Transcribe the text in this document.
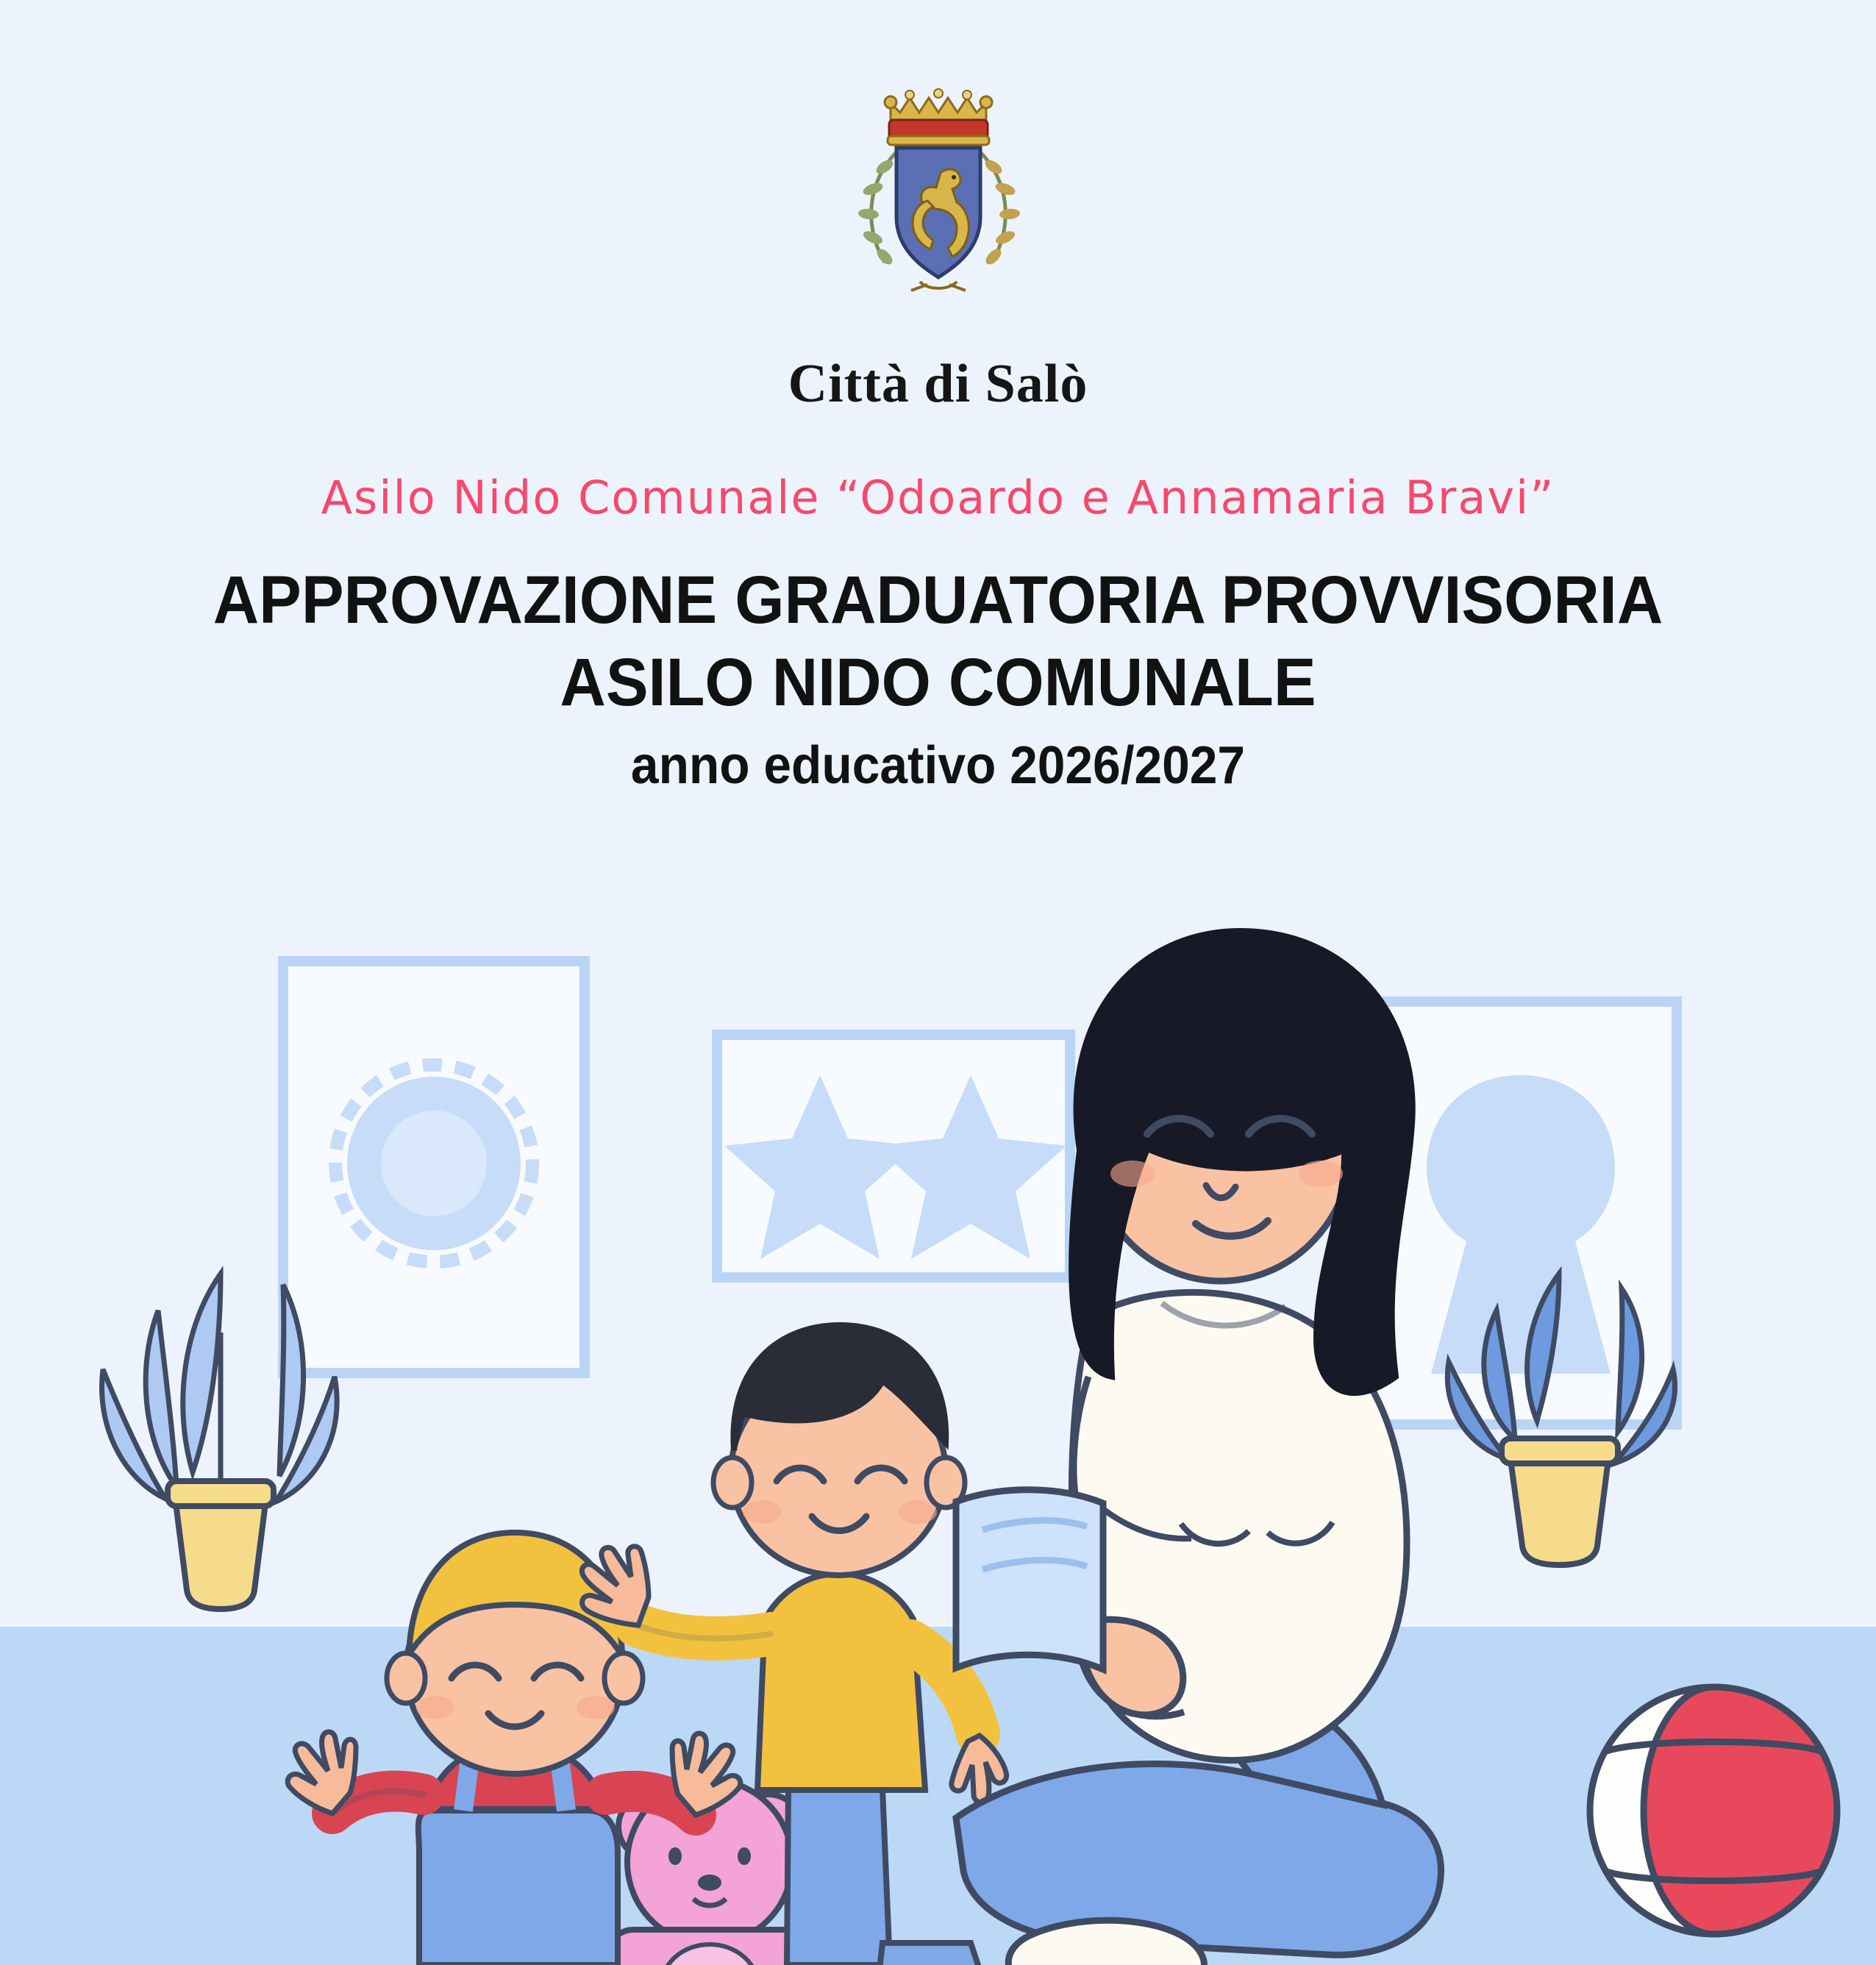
Città di Salò
Asilo Nido Comunale “Odoardo e Annamaria Bravi”
APPROVAZIONE GRADUATORIA PROVVISORIA
ASILO NIDO COMUNALE
anno educativo 2026/2027
